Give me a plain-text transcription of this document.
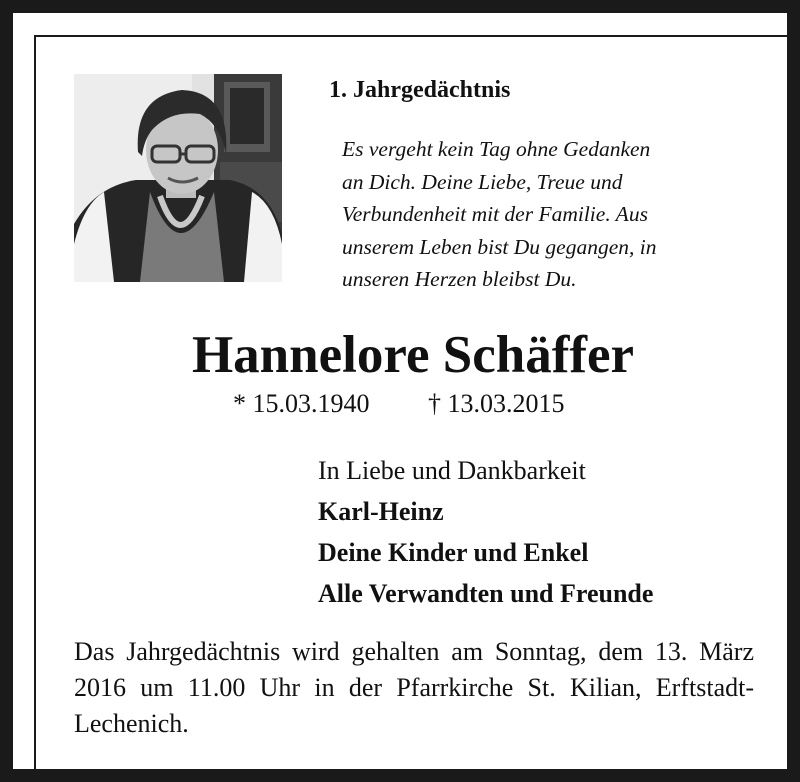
1. Jahrgedächtnis

Es vergeht kein Tag ohne Gedanken
an Dich. Deine Liebe, Treue und
Verbundenheit mit der Familie. Aus
unserem Leben bist Du gegangen, in
unseren Herzen bleibst Du.

Hannelore Schäffer
* 15.03.1940 † 13.03.2015
In Liebe und Dankbarkeit
Karl-Heinz
Deine Kinder und Enkel
Alle Verwandten und Freunde

Das Jahrgedächtnis wird gehalten am Sonntag, dem 13. März 2016 um 11.00 Uhr in der Pfarrkirche St. Kilian, Erftstadt-Lechenich.
